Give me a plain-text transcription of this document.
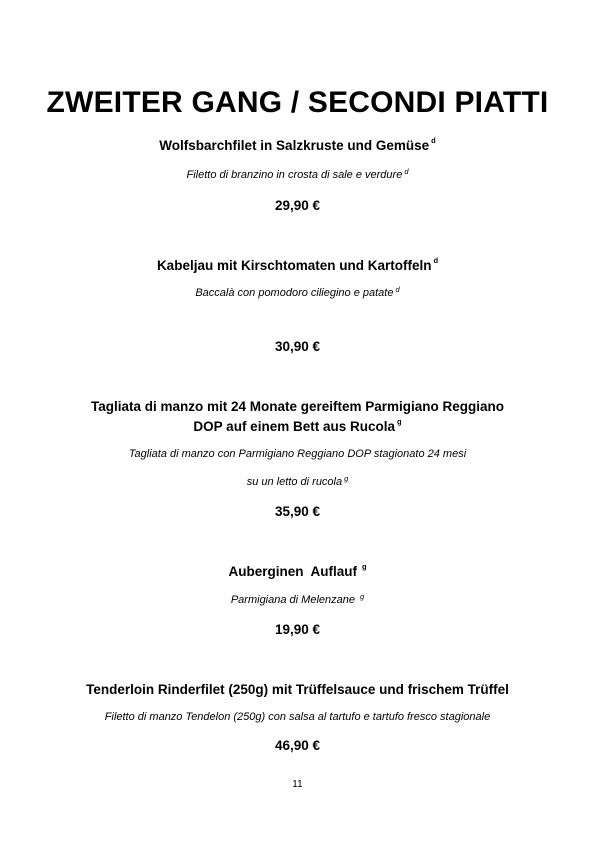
ZWEITER GANG / SECONDI PIATTI
Wolfsbarchfilet in Salzkruste und Gemüse $^d$
Filetto di branzino in crosta di sale e verdure $^d$
29,90 €
Kabeljau mit Kirschtomaten und Kartoffeln $^d$
Baccalà con pomodoro ciliegino e patate $^d$
30,90 €
Tagliata di manzo mit 24 Monate gereiftem Parmigiano Reggiano
DOP auf einem Bett aus Rucola $^g$
Tagliata di manzo con Parmigiano Reggiano DOP stagionato 24 mesi
su un letto di rucola $^g$
35,90 €
Auberginen  Auflauf $^g$
Parmigiana di Melenzane $^g$
19,90 €
Tenderloin Rinderfilet (250g) mit Trüffelsauce und frischem Trüffel
Filetto di manzo Tendelon (250g) con salsa al tartufo e tartufo fresco stagionale
46,90 €
11
